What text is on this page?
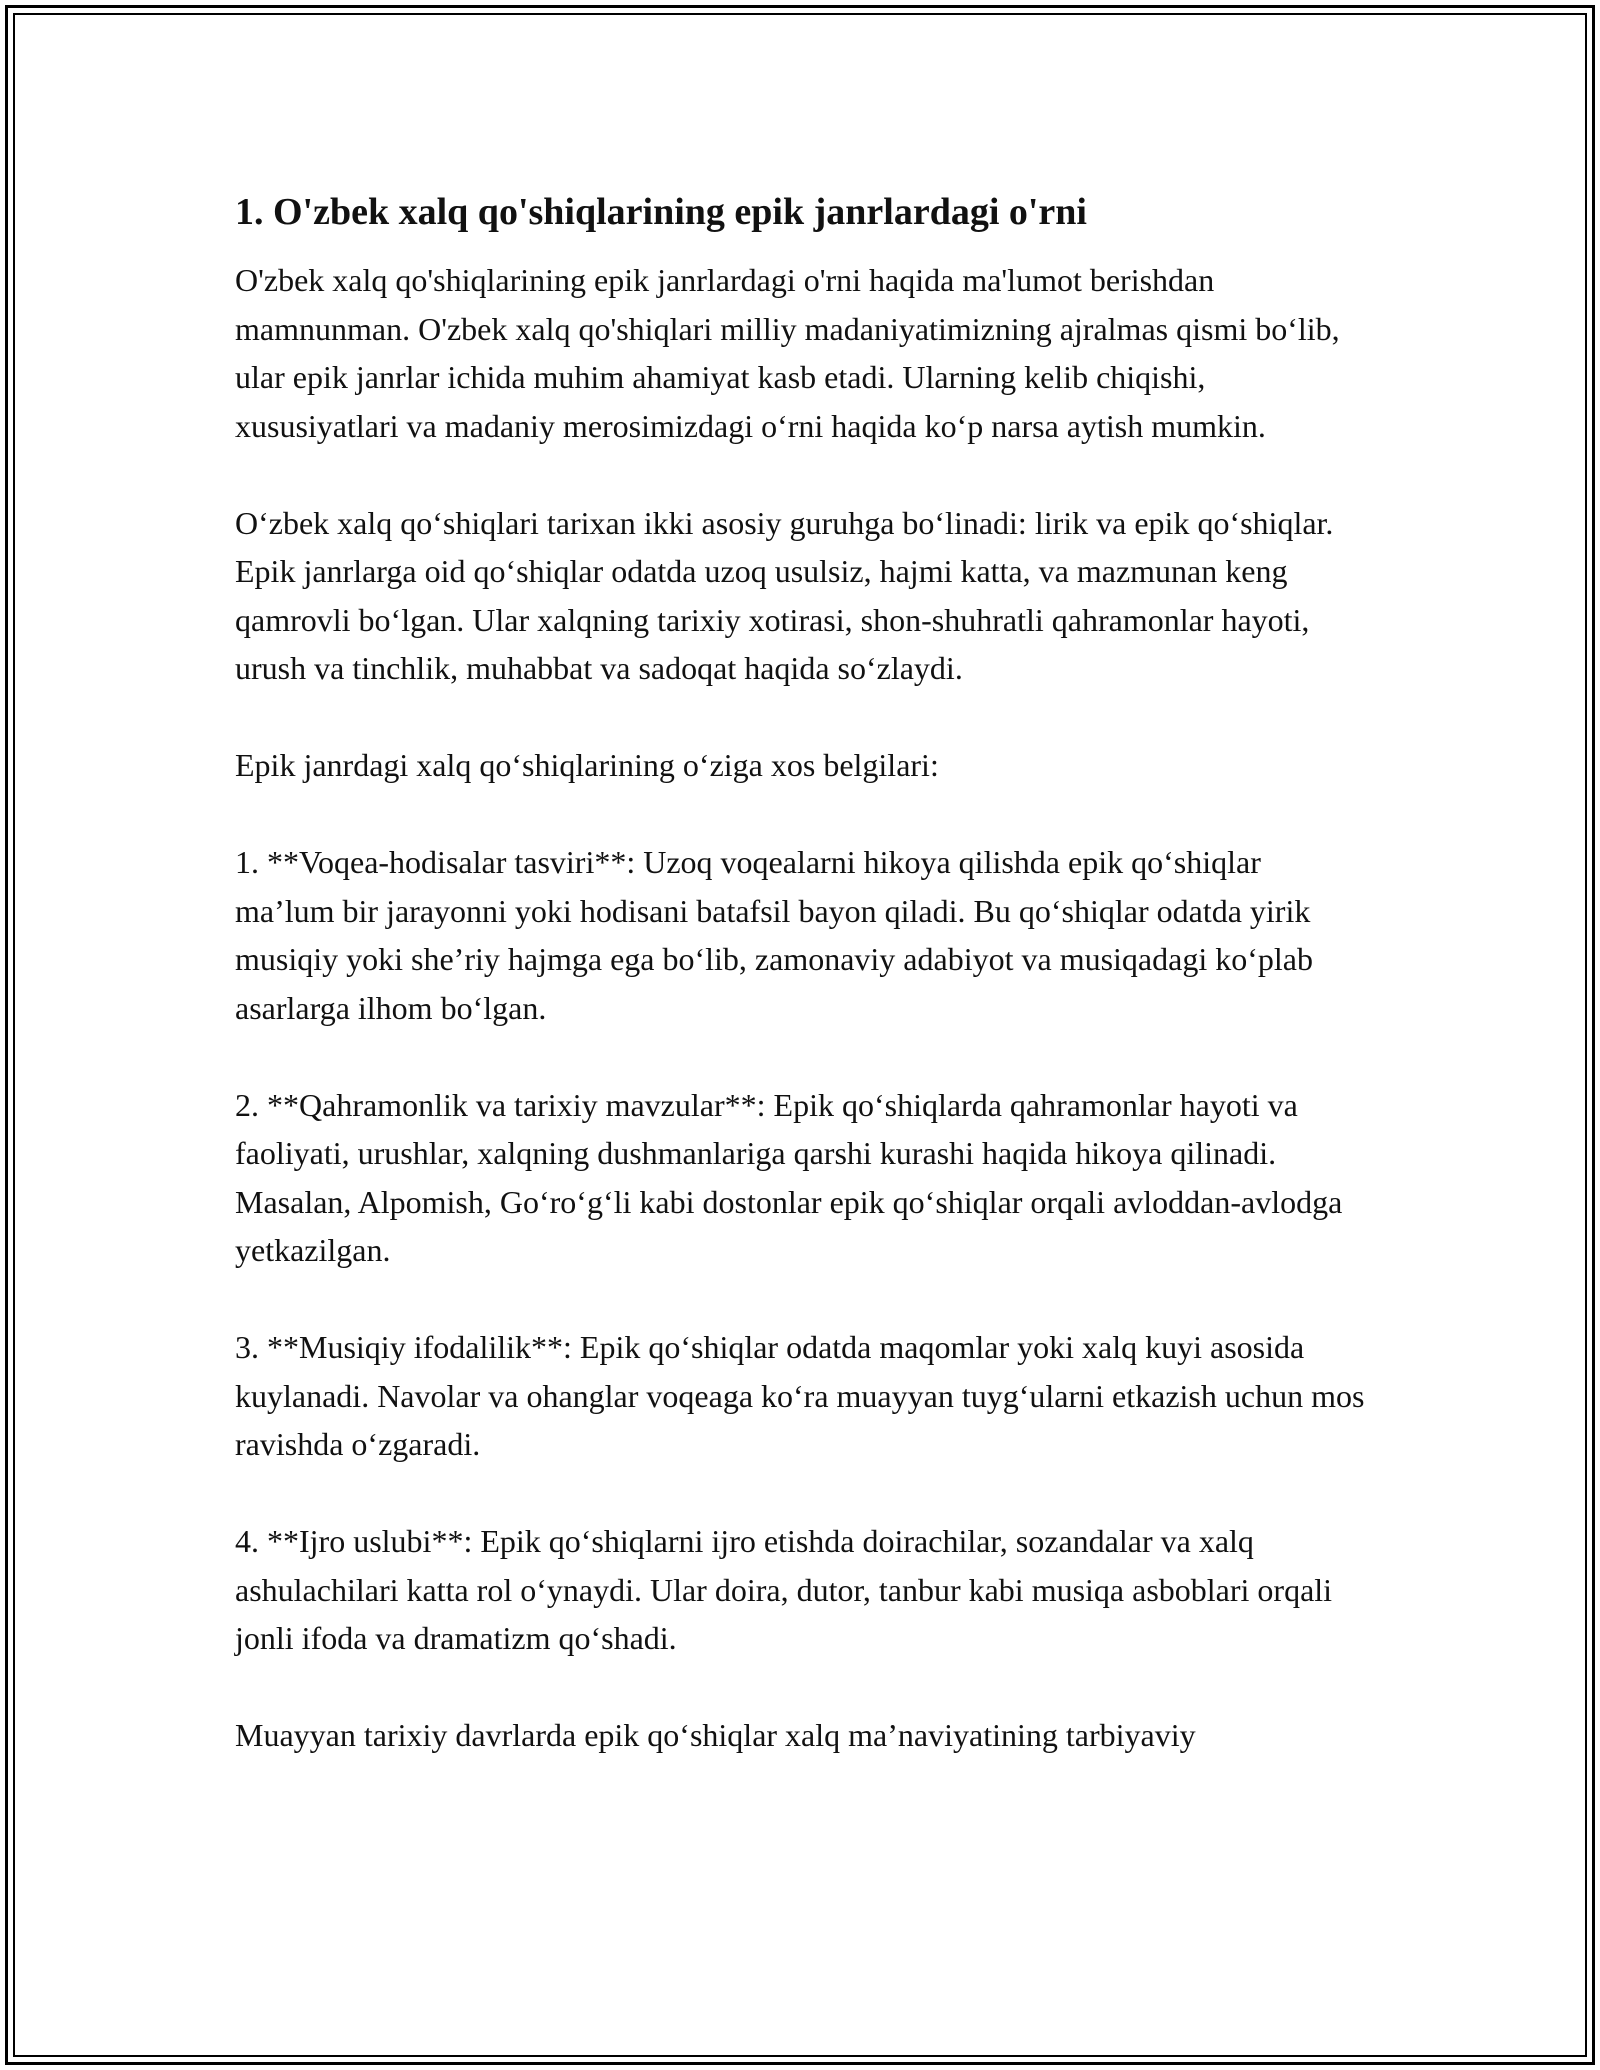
1. O'zbek xalq qo'shiqlarining epik janrlardagi o'rni

O'zbek xalq qo'shiqlarining epik janrlardagi o'rni haqida ma'lumot berishdan mamnunman. O'zbek xalq qo'shiqlari milliy madaniyatimizning ajralmas qismi boʻlib, ular epik janrlar ichida muhim ahamiyat kasb etadi. Ularning kelib chiqishi, xususiyatlari va madaniy merosimizdagi oʻrni haqida koʻp narsa aytish mumkin.

Oʻzbek xalq qoʻshiqlari tarixan ikki asosiy guruhga boʻlinadi: lirik va epik qoʻshiqlar. Epik janrlarga oid qoʻshiqlar odatda uzoq usulsiz, hajmi katta, va mazmunan keng qamrovli boʻlgan. Ular xalqning tarixiy xotirasi, shon-shuhratli qahramonlar hayoti, urush va tinchlik, muhabbat va sadoqat haqida soʻzlaydi.

Epik janrdagi xalq qoʻshiqlarining oʻziga xos belgilari:

1. **Voqea-hodisalar tasviri**: Uzoq voqealarni hikoya qilishda epik qoʻshiqlar maʼlum bir jarayonni yoki hodisani batafsil bayon qiladi. Bu qoʻshiqlar odatda yirik musiqiy yoki sheʼriy hajmga ega boʻlib, zamonaviy adabiyot va musiqadagi koʻplab asarlarga ilhom boʻlgan.

2. **Qahramonlik va tarixiy mavzular**: Epik qoʻshiqlarda qahramonlar hayoti va faoliyati, urushlar, xalqning dushmanlariga qarshi kurashi haqida hikoya qilinadi. Masalan, Alpomish, Goʻroʻgʻli kabi dostonlar epik qoʻshiqlar orqali avloddan-avlodga yetkazilgan.

3. **Musiqiy ifodalilik**: Epik qoʻshiqlar odatda maqomlar yoki xalq kuyi asosida kuylanadi. Navolar va ohanglar voqeaga koʻra muayyan tuygʻularni etkazish uchun mos ravishda oʻzgaradi.

4. **Ijro uslubi**: Epik qoʻshiqlarni ijro etishda doirachilar, sozandalar va xalq ashulachilari katta rol oʻynaydi. Ular doira, dutor, tanbur kabi musiqa asboblari orqali jonli ifoda va dramatizm qoʻshadi.

Muayyan tarixiy davrlarda epik qoʻshiqlar xalq maʼnaviyatining tarbiyaviy
